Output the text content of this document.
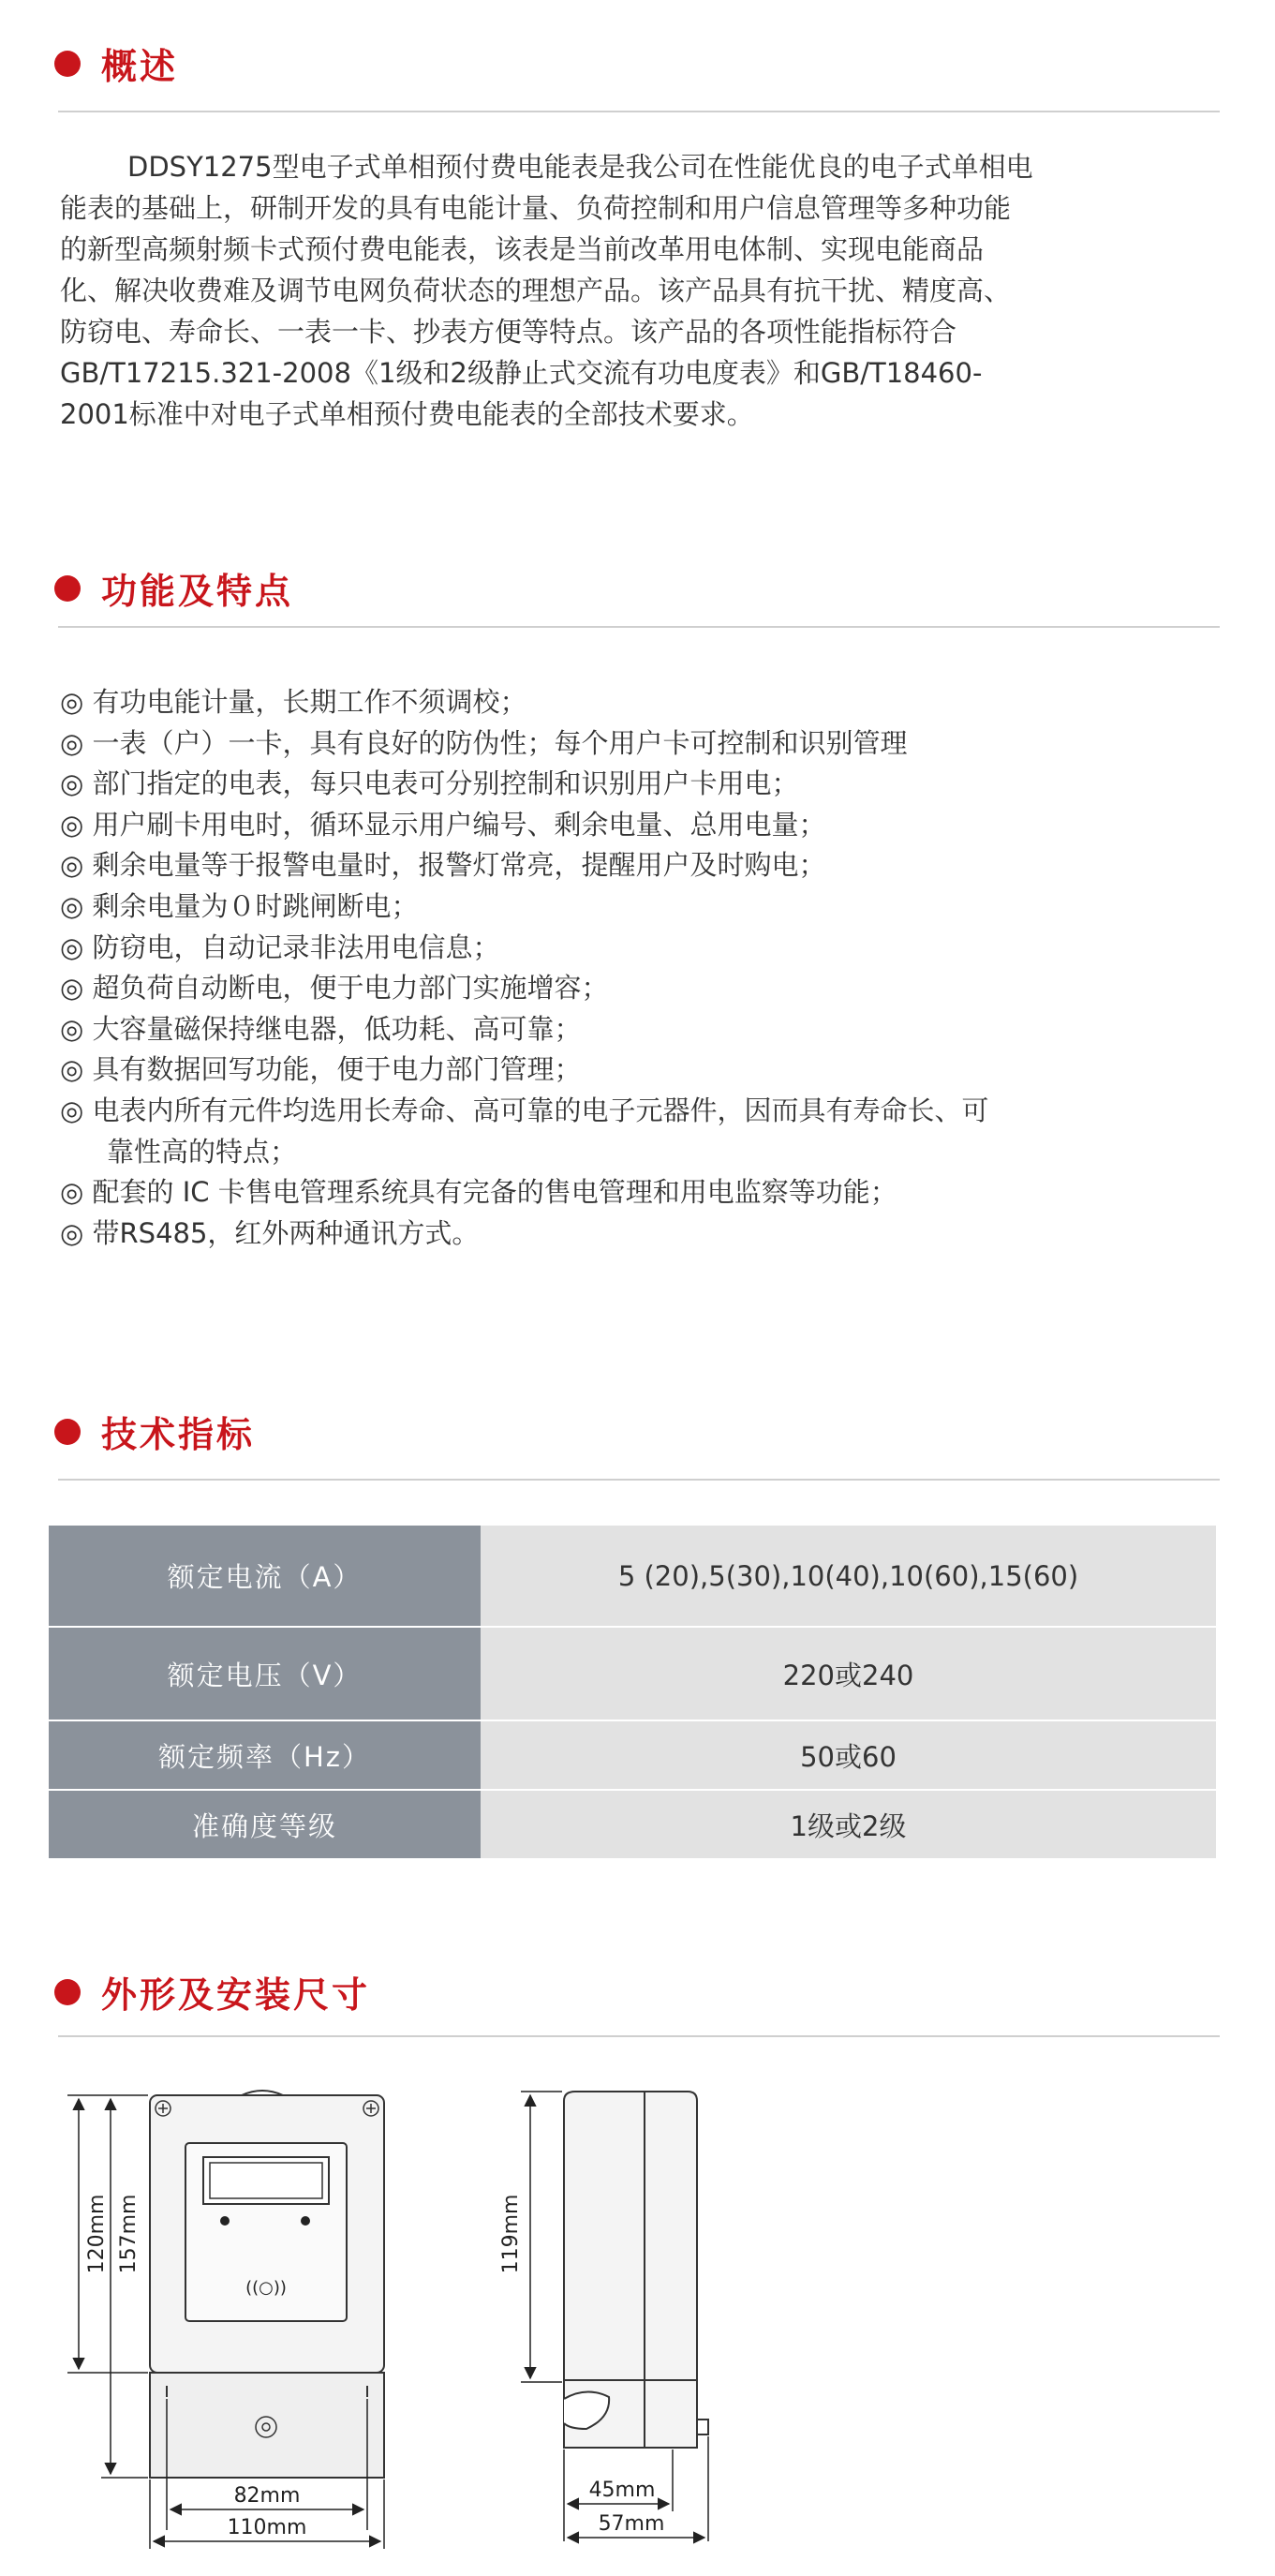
概述
DDSY1275型电子式单相预付费电能表是我公司在性能优良的电子式单相电
能表的基础上，研制开发的具有电能计量、负荷控制和用户信息管理等多种功能
的新型高频射频卡式预付费电能表，该表是当前改革用电体制、实现电能商品
化、解决收费难及调节电网负荷状态的理想产品。该产品具有抗干扰、精度高、
防窃电、寿命长、一表一卡、抄表方便等特点。该产品的各项性能指标符合
GB/T17215.321-2008《1级和2级静止式交流有功电度表》和GB/T18460-
2001标准中对电子式单相预付费电能表的全部技术要求。
功能及特点
◎ 有功电能计量，长期工作不须调校；
◎ 一表（户）一卡，具有良好的防伪性；每个用户卡可控制和识别管理
◎ 部门指定的电表，每只电表可分别控制和识别用户卡用电；
◎ 用户刷卡用电时，循环显示用户编号、剩余电量、总用电量；
◎ 剩余电量等于报警电量时，报警灯常亮，提醒用户及时购电；
◎ 剩余电量为０时跳闸断电；
◎ 防窃电，自动记录非法用电信息；
◎ 超负荷自动断电，便于电力部门实施增容；
◎ 大容量磁保持继电器，低功耗、高可靠；
◎ 具有数据回写功能，便于电力部门管理；
◎ 电表内所有元件均选用长寿命、高可靠的电子元器件，因而具有寿命长、可
靠性高的特点；
◎ 配套的 IC 卡售电管理系统具有完备的售电管理和用电监察等功能；
◎ 带RS485，红外两种通讯方式。
技术指标
额定电流（A）	5 (20),5(30),10(40),10(60),15(60)
额定电压（V）	220或240
额定频率（Hz）	50或60
准确度等级	1级或2级
外形及安装尺寸
((○))
120mm 157mm
82mm
110mm
119mm
45mm
57mm
